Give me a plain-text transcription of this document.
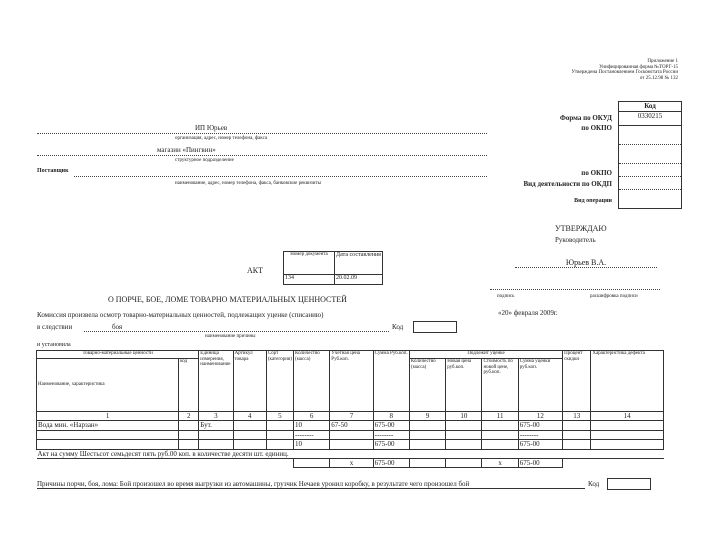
Приложение 1
Унифицированная форма №ТОРГ-15
Утверждена Постановлением Госкомстата России
от 25.12.98 № 132
Код
0330215
Форма по ОКУД
по ОКПО
по ОКПО
Вид деятельности по ОКДП
Вид операции
ИП Юрьев
организация, адрес, номер телефона, факса
магазин «Пингвин»
структурное подразделение
Поставщик
наименование, адрес, номер телефона, факса, банковские реквизиты
УТВЕРЖДАЮ
Руководитель
Юрьев В.А.
подпись	расшифровка подписи
«20» февраля 2009г.
АКТ
Номер документа	Дата составления
134	20.02.09
О ПОРЧЕ, БОЕ, ЛОМЕ ТОВАРНО МАТЕРИАЛЬНЫХ ЦЕННОСТЕЙ
Комиссия произвела осмотр товарно-материальных ценностей, подлежащих уценке (списанию)
в следствии	боя	Код
наименование причины
и установила
Товарно-материальные ценности		Единица измерения, наименование	Артикул товара	Сорт (категория)	Количество (масса)	Учетная цена Руб.коп.	Сумма Руб.коп.	Подлежит уценке				Процент скидки	Характеристика дефекта
Наименование, характеристика	код							Количество (масса)	Новая цена руб.коп.	Стоимость по новой цене, руб.коп.	Сумма уценки руб.коп.		
1	2	3	4	5	6	7	8	9	10	11	12	13	14
Вода мин. «Нарзан»		Бут.			10	67-50	675-00				675-00		
					--------		--------				--------		
					10		675-00				675-00		
Акт на сумму Шестьсот семьдесят пять руб.00 коп. в количестве десяти шт. единиц.													
						х	675-00			х	675-00		
Причины порчи, боя, лома: Бой произошел во время выгрузки из автомашины, грузчик Нечаев уронил коробку, в результате чего произошел бой	Код
